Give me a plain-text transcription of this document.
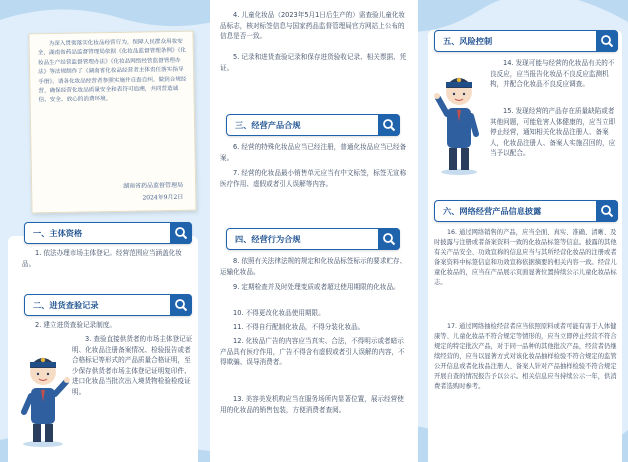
为深入贯彻落实化妆品经营行为，保障人民群众用妆安全，湖南省药品监督管理局依据《化妆品监督管理条例》《化妆品生产经营监督管理办法》《化妆品网络经营监督管理办法》等法规制作了《湖南省化妆品经营者主体责任落实指导手册》，请各化妆品经营者参照实施并自查自纠，做到合规经营，确保经营化妆品质量安全和表符可追溯，共同营造诚信、安全、放心的消费环境。
湖南省药品监督管理局
2024年9月2日
一、主体资格

1. 依法办理市场主体登记。经营范围应当涵盖化妆品。

二、进货查验记录

2. 建立进货查验记录制度。

3. 查验直接供货者的市场主体登记证明、化妆品注册备案情况、检验报告或者合格标记等形式的产品质量合格证明，至少保存供货者市场主体登记证明复印件、进口化妆品当批次出入境货物检验检疫证明。

4. 儿童化妆品（2023年5月1日后生产的）需查验儿童化妆品标志，核对标签信息与国家药品监督管理局官方网站上公布的信息是否一致。

5. 记录和进货查验记录和保存进货验收记录、相关票据、凭证。

三、经营产品合规

6. 经营的特殊化妆品应当已经注册，普通化妆品应当已经备案。

7. 经营的化妆品最小销售单元应当有中文标签，标签无宣称医疗作用、虚假或者引人误解等内容。

四、经营行为合规

8. 依照有关法律法规的规定和化妆品标签标示的要求贮存、运输化妆品。

9. 定期检查并及时处理变质或者超过使用期限的化妆品。

10. 不得更改化妆品使用期限。

11. 不得自行配制化妆品，不得分装化妆品。

12. 化妆品广告的内容应当真实、合法，不得明示或者暗示产品具有医疗作用，广告不得含有虚假或者引人误解的内容，不得欺骗、误导消费者。

13. 美容美发机构应当在服务场所内显著位置，展示经营使用的化妆品的销售包装，方便消费者查阅。

五、风险控制

14. 发现可能与经营的化妆品有关的不良反应，应当报告化妆品不良反应监测机构，并配合化妆品不良反应调查。

15. 发现经营的产品存在质量缺陷或者其他问题，可能危害人体健康的，应当立即停止经营，通知相关化妆品注册人、备案人，化妆品注册人、备案人实施召回的，应当予以配合。

六、网络经营产品信息披露

16. 通过网络销售的产品，应当全面、真实、准确、清晰、及时披露与注册或者备案资料一致的化妆品标签等信息。披露的其他有关产品安全、功效宣称的信息应当与其所经营化妆品的注册或者备案资料中标签信息和功效宣称依据摘要的相关内容一致。经营儿童化妆品的，应当在产品展示页面显著位置持续公示儿童化妆品标志。

17. 通过网络抽检经营者应当依照原料或者可能有害于人体健康等、儿童化妆品不符合规定等情形的，应当立即停止经营不符合规定的特定批次产品，对于同一品种的其他批次产品，经营者仍继续经营的，应当以显著方式对该化妆品抽样检验不符合规定的监管公开信息或者化妆品注册人、备案人针对产品抽样检验不符合规定开展自查的情况报告予以公示。相关信息应当持续公示一年，供消费者选购时参考。
